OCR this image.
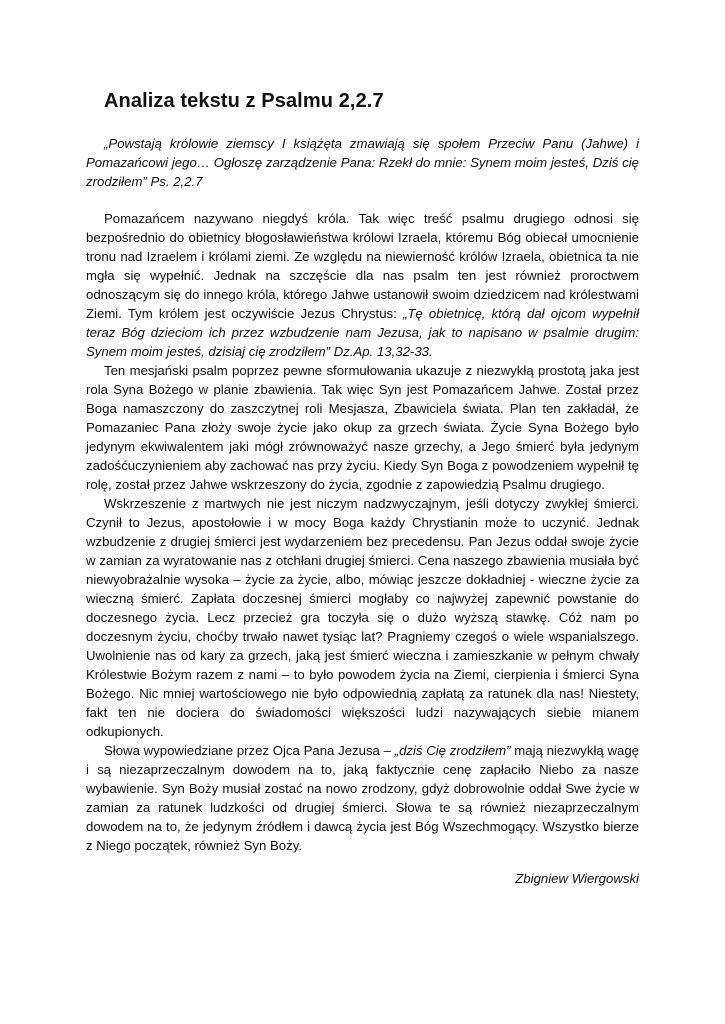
Analiza tekstu z Psalmu 2,2.7

„Powstają królowie ziemscy I książęta zmawiają się społem Przeciw Panu (Jahwe) i Pomazańcowi jego… Ogłoszę zarządzenie Pana: Rzekł do mnie: Synem moim jesteś, Dziś cię zrodziłem” Ps. 2,2.7

Pomazańcem nazywano niegdyś króla. Tak więc treść psalmu drugiego odnosi się bezpośrednio do obietnicy błogosławieństwa królowi Izraela, któremu Bóg obiecał umocnienie tronu nad Izraelem i królami ziemi. Ze względu na niewierność królów Izraela, obietnica ta nie mgła się wypełnić. Jednak na szczęście dla nas psalm ten jest również proroctwem odnoszącym się do innego króla, którego Jahwe ustanowił swoim dziedzicem nad królestwami Ziemi. Tym królem jest oczywiście Jezus Chrystus: „Tę obietnicę, którą dał ojcom wypełnił teraz Bóg dzieciom ich przez wzbudzenie nam Jezusa, jak to napisano w psalmie drugim: Synem moim jesteś, dzisiaj cię zrodziłem” Dz.Ap. 13,32-33.

Ten mesjański psalm poprzez pewne sformułowania ukazuje z niezwykłą prostotą jaka jest rola Syna Bożego w planie zbawienia. Tak więc Syn jest Pomazańcem Jahwe. Został przez Boga namaszczony do zaszczytnej roli Mesjasza, Zbawiciela świata. Plan ten zakładał, że Pomazaniec Pana złoży swoje życie jako okup za grzech świata. Życie Syna Bożego było jedynym ekwiwalentem jaki mógł zrównoważyć nasze grzechy, a Jego śmierć była jedynym zadośćuczynieniem aby zachować nas przy życiu. Kiedy Syn Boga z powodzeniem wypełnił tę rolę, został przez Jahwe wskrzeszony do życia, zgodnie z zapowiedzią Psalmu drugiego.

Wskrzeszenie z martwych nie jest niczym nadzwyczajnym, jeśli dotyczy zwykłej śmierci. Czynił to Jezus, apostołowie i w mocy Boga każdy Chrystianin może to uczynić. Jednak wzbudzenie z drugiej śmierci jest wydarzeniem bez precedensu. Pan Jezus oddał swoje życie w zamian za wyratowanie nas z otchłani drugiej śmierci. Cena naszego zbawienia musiała być niewyobrażalnie wysoka – życie za życie, albo, mówiąc jeszcze dokładniej - wieczne życie za wieczną śmierć. Zapłata doczesnej śmierci mogłaby co najwyżej zapewnić powstanie do doczesnego życia. Lecz przecież gra toczyła się o dużo wyższą stawkę. Cóż nam po doczesnym życiu, choćby trwało nawet tysiąc lat? Pragniemy czegoś o wiele wspanialszego. Uwolnienie nas od kary za grzech, jaką jest śmierć wieczna i zamieszkanie w pełnym chwały Królestwie Bożym razem z nami – to było powodem życia na Ziemi, cierpienia i śmierci Syna Bożego. Nic mniej wartościowego nie było odpowiednią zapłatą za ratunek dla nas! Niestety, fakt ten nie dociera do świadomości większości ludzi nazywających siebie mianem odkupionych.

Słowa wypowiedziane przez Ojca Pana Jezusa – „dziś Cię zrodziłem” mają niezwykłą wagę i są niezaprzeczalnym dowodem na to, jaką faktycznie cenę zapłaciło Niebo za nasze wybawienie. Syn Boży musiał zostać na nowo zrodzony, gdyż dobrowolnie oddał Swe życie w zamian za ratunek ludzkości od drugiej śmierci. Słowa te są również niezaprzeczalnym dowodem na to, że jedynym źródłem i dawcą życia jest Bóg Wszechmogący. Wszystko bierze z Niego początek, również Syn Boży.

Zbigniew Wiergowski
